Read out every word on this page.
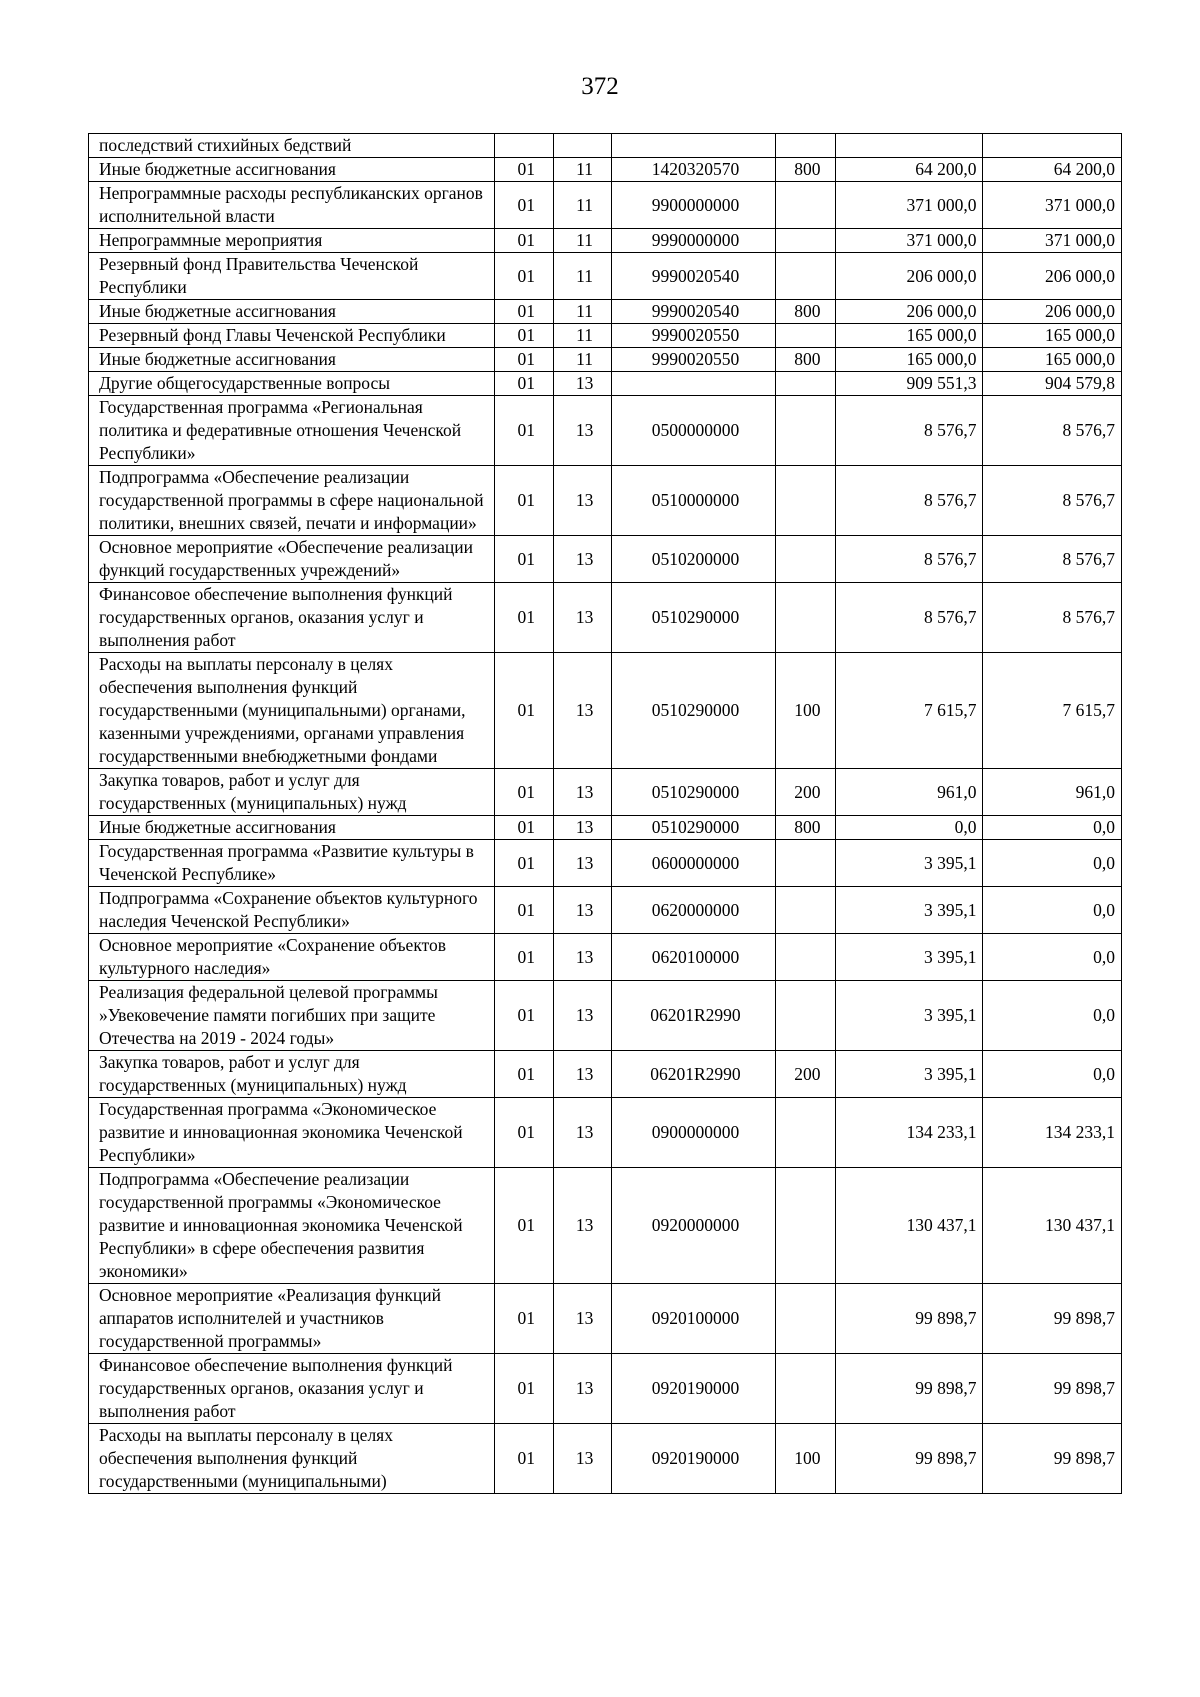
372
последствий стихийных бедствий						
Иные бюджетные ассигнования	01	11	1420320570	800	64 200,0	64 200,0
Непрограммные расходы республиканских органов исполнительной власти	01	11	9900000000		371 000,0	371 000,0
Непрограммные мероприятия	01	11	9990000000		371 000,0	371 000,0
Резервный фонд Правительства Чеченской Республики	01	11	9990020540		206 000,0	206 000,0
Иные бюджетные ассигнования	01	11	9990020540	800	206 000,0	206 000,0
Резервный фонд Главы Чеченской Республики	01	11	9990020550		165 000,0	165 000,0
Иные бюджетные ассигнования	01	11	9990020550	800	165 000,0	165 000,0
Другие общегосударственные вопросы	01	13			909 551,3	904 579,8
Государственная программа «Региональная политика и федеративные отношения Чеченской Республики»	01	13	0500000000		8 576,7	8 576,7
Подпрограмма «Обеспечение реализации государственной программы в сфере национальной политики, внешних связей, печати и информации»	01	13	0510000000		8 576,7	8 576,7
Основное мероприятие «Обеспечение реализации функций государственных учреждений»	01	13	0510200000		8 576,7	8 576,7
Финансовое обеспечение выполнения функций государственных органов, оказания услуг и выполнения работ	01	13	0510290000		8 576,7	8 576,7
Расходы на выплаты персоналу в целях обеспечения выполнения функций государственными (муниципальными) органами, казенными учреждениями, органами управления государственными внебюджетными фондами	01	13	0510290000	100	7 615,7	7 615,7
Закупка товаров, работ и услуг для государственных (муниципальных) нужд	01	13	0510290000	200	961,0	961,0
Иные бюджетные ассигнования	01	13	0510290000	800	0,0	0,0
Государственная программа «Развитие культуры в Чеченской Республике»	01	13	0600000000		3 395,1	0,0
Подпрограмма «Сохранение объектов культурного наследия Чеченской Республики»	01	13	0620000000		3 395,1	0,0
Основное мероприятие «Сохранение объектов культурного наследия»	01	13	0620100000		3 395,1	0,0
Реализация федеральной целевой программы »Увековечение памяти погибших при защите Отечества на 2019 - 2024 годы»	01	13	06201R2990		3 395,1	0,0
Закупка товаров, работ и услуг для государственных (муниципальных) нужд	01	13	06201R2990	200	3 395,1	0,0
Государственная программа «Экономическое развитие и инновационная экономика Чеченской Республики»	01	13	0900000000		134 233,1	134 233,1
Подпрограмма «Обеспечение реализации государственной программы «Экономическое развитие и инновационная экономика Чеченской Республики» в сфере обеспечения развития экономики»	01	13	0920000000		130 437,1	130 437,1
Основное мероприятие «Реализация функций аппаратов исполнителей и участников государственной программы»	01	13	0920100000		99 898,7	99 898,7
Финансовое обеспечение выполнения функций государственных органов, оказания услуг и выполнения работ	01	13	0920190000		99 898,7	99 898,7
Расходы на выплаты персоналу в целях обеспечения выполнения функций государственными (муниципальными)	01	13	0920190000	100	99 898,7	99 898,7
